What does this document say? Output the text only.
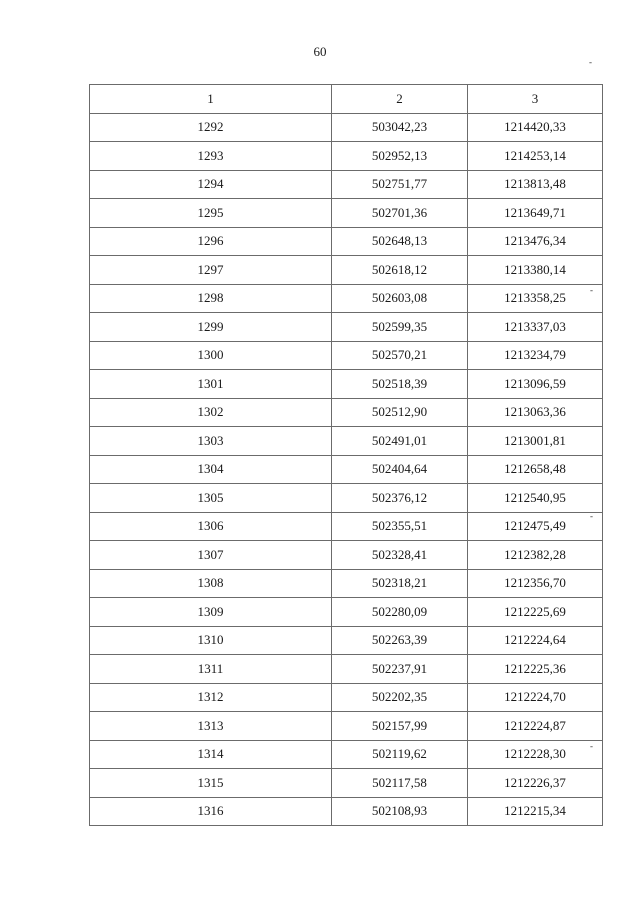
60
-
-
-
-
1	2	3
1292	503042,23	1214420,33
1293	502952,13	1214253,14
1294	502751,77	1213813,48
1295	502701,36	1213649,71
1296	502648,13	1213476,34
1297	502618,12	1213380,14
1298	502603,08	1213358,25
1299	502599,35	1213337,03
1300	502570,21	1213234,79
1301	502518,39	1213096,59
1302	502512,90	1213063,36
1303	502491,01	1213001,81
1304	502404,64	1212658,48
1305	502376,12	1212540,95
1306	502355,51	1212475,49
1307	502328,41	1212382,28
1308	502318,21	1212356,70
1309	502280,09	1212225,69
1310	502263,39	1212224,64
1311	502237,91	1212225,36
1312	502202,35	1212224,70
1313	502157,99	1212224,87
1314	502119,62	1212228,30
1315	502117,58	1212226,37
1316	502108,93	1212215,34
